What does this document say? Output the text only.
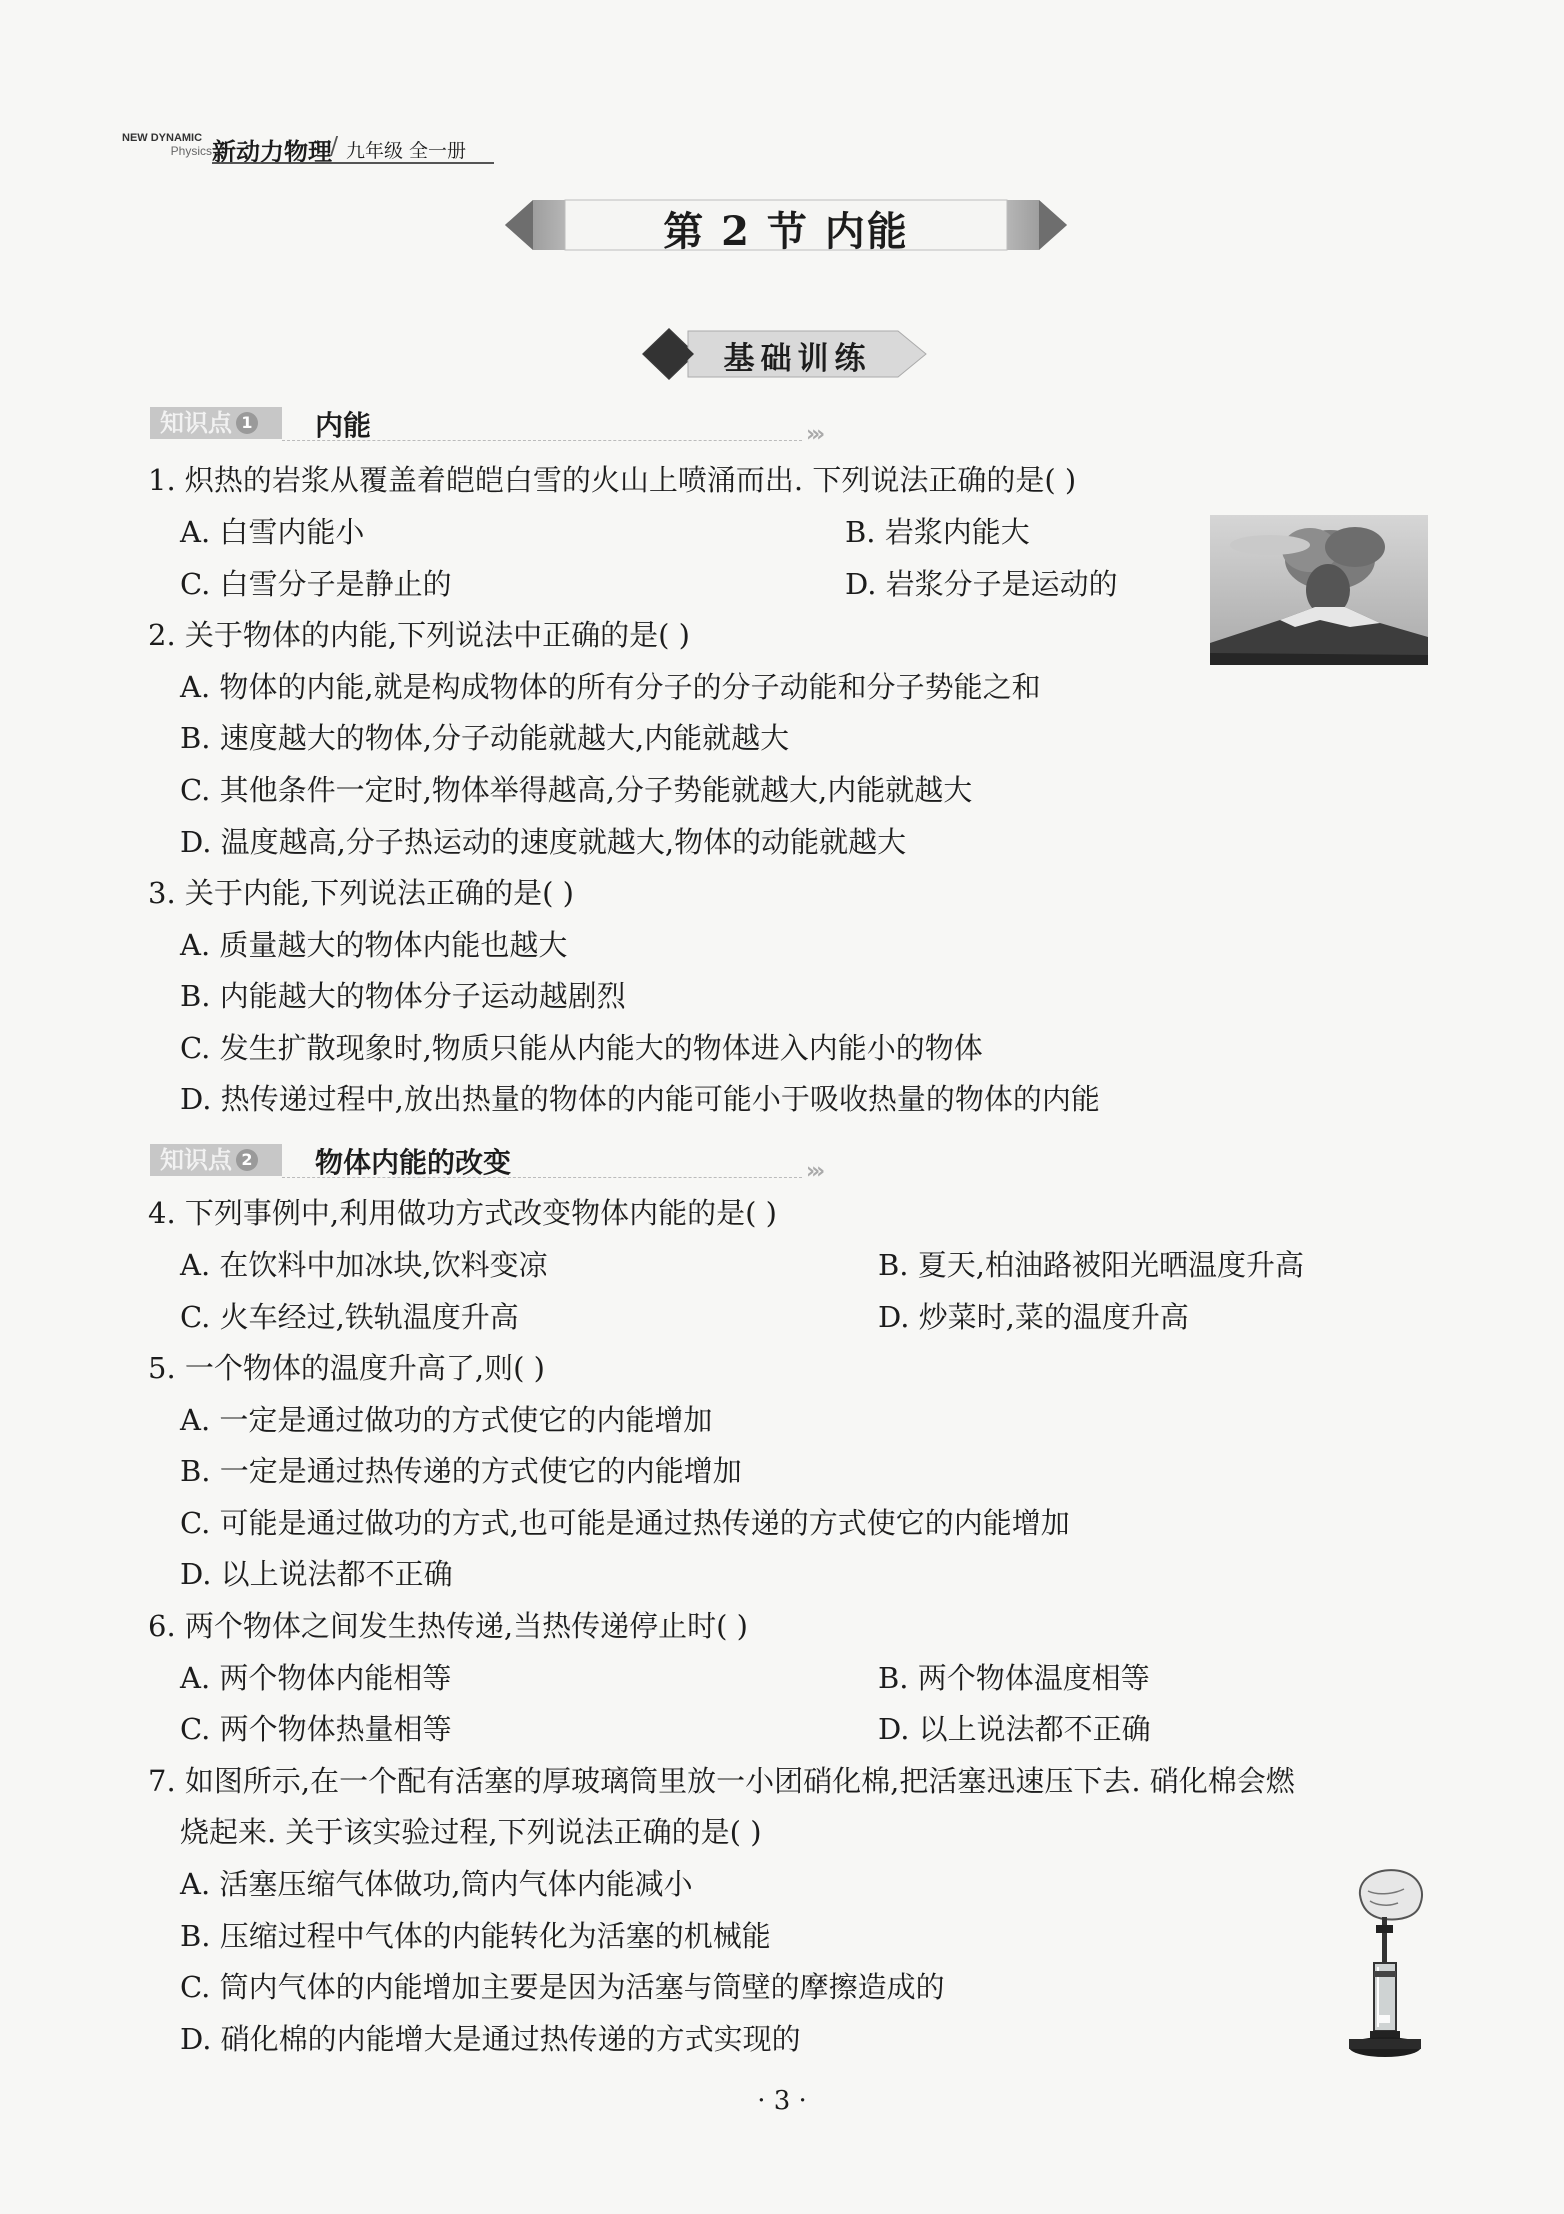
NEW DYNAMIC
Physics 新动力物理
/ 九年级 全一册
第 2 节 内能
基础训练
知识点 1	内能	›››
1. 炽热的岩浆从覆盖着皑皑白雪的火山上喷涌而出. 下列说法正确的是( )
A. 白雪内能小	B. 岩浆内能大
C. 白雪分子是静止的	D. 岩浆分子是运动的
2. 关于物体的内能,下列说法中正确的是( )
A. 物体的内能,就是构成物体的所有分子的分子动能和分子势能之和
B. 速度越大的物体,分子动能就越大,内能就越大
C. 其他条件一定时,物体举得越高,分子势能就越大,内能就越大
D. 温度越高,分子热运动的速度就越大,物体的动能就越大
3. 关于内能,下列说法正确的是( )
A. 质量越大的物体内能也越大
B. 内能越大的物体分子运动越剧烈
C. 发生扩散现象时,物质只能从内能大的物体进入内能小的物体
D. 热传递过程中,放出热量的物体的内能可能小于吸收热量的物体的内能
知识点 2	物体内能的改变	›››
4. 下列事例中,利用做功方式改变物体内能的是( )
A. 在饮料中加冰块,饮料变凉	B. 夏天,柏油路被阳光晒温度升高
C. 火车经过,铁轨温度升高	D. 炒菜时,菜的温度升高
5. 一个物体的温度升高了,则( )
A. 一定是通过做功的方式使它的内能增加
B. 一定是通过热传递的方式使它的内能增加
C. 可能是通过做功的方式,也可能是通过热传递的方式使它的内能增加
D. 以上说法都不正确
6. 两个物体之间发生热传递,当热传递停止时( )
A. 两个物体内能相等	B. 两个物体温度相等
C. 两个物体热量相等	D. 以上说法都不正确
7. 如图所示,在一个配有活塞的厚玻璃筒里放一小团硝化棉,把活塞迅速压下去. 硝化棉会燃
烧起来. 关于该实验过程,下列说法正确的是( )
A. 活塞压缩气体做功,筒内气体内能减小
B. 压缩过程中气体的内能转化为活塞的机械能
C. 筒内气体的内能增加主要是因为活塞与筒壁的摩擦造成的
D. 硝化棉的内能增大是通过热传递的方式实现的
· 3 ·
